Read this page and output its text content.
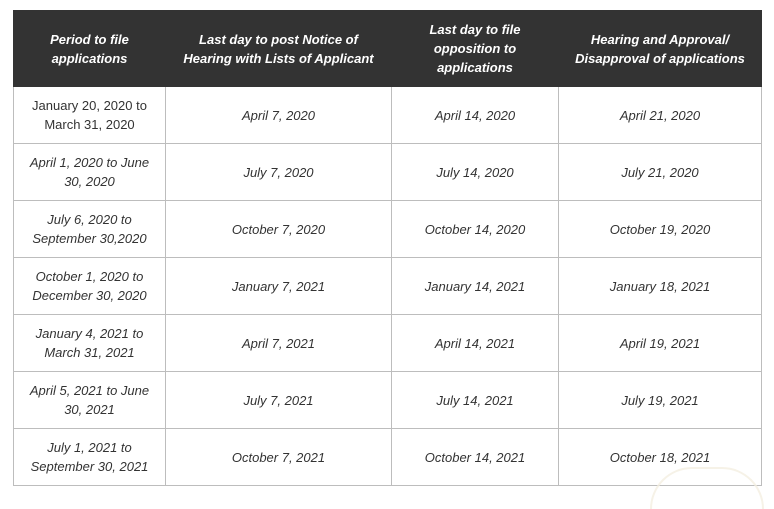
Period to file applications	Last day to post Notice of Hearing with Lists of Applicant	Last day to file opposition to applications	Hearing and Approval/ Disapproval of applications
January 20, 2020 to March 31, 2020	April 7, 2020	April 14, 2020	April 21, 2020
April 1, 2020 to June 30, 2020	July 7, 2020	July 14, 2020	July 21, 2020
July 6, 2020 to September 30,2020	October 7, 2020	October 14, 2020	October 19, 2020
October 1, 2020 to December 30, 2020	January 7, 2021	January 14, 2021	January 18, 2021
January 4, 2021 to March 31, 2021	April 7, 2021	April 14, 2021	April 19, 2021
April 5, 2021 to June 30, 2021	July 7, 2021	July 14, 2021	July 19, 2021
July 1, 2021 to September 30, 2021	October 7, 2021	October 14, 2021	October 18, 2021
